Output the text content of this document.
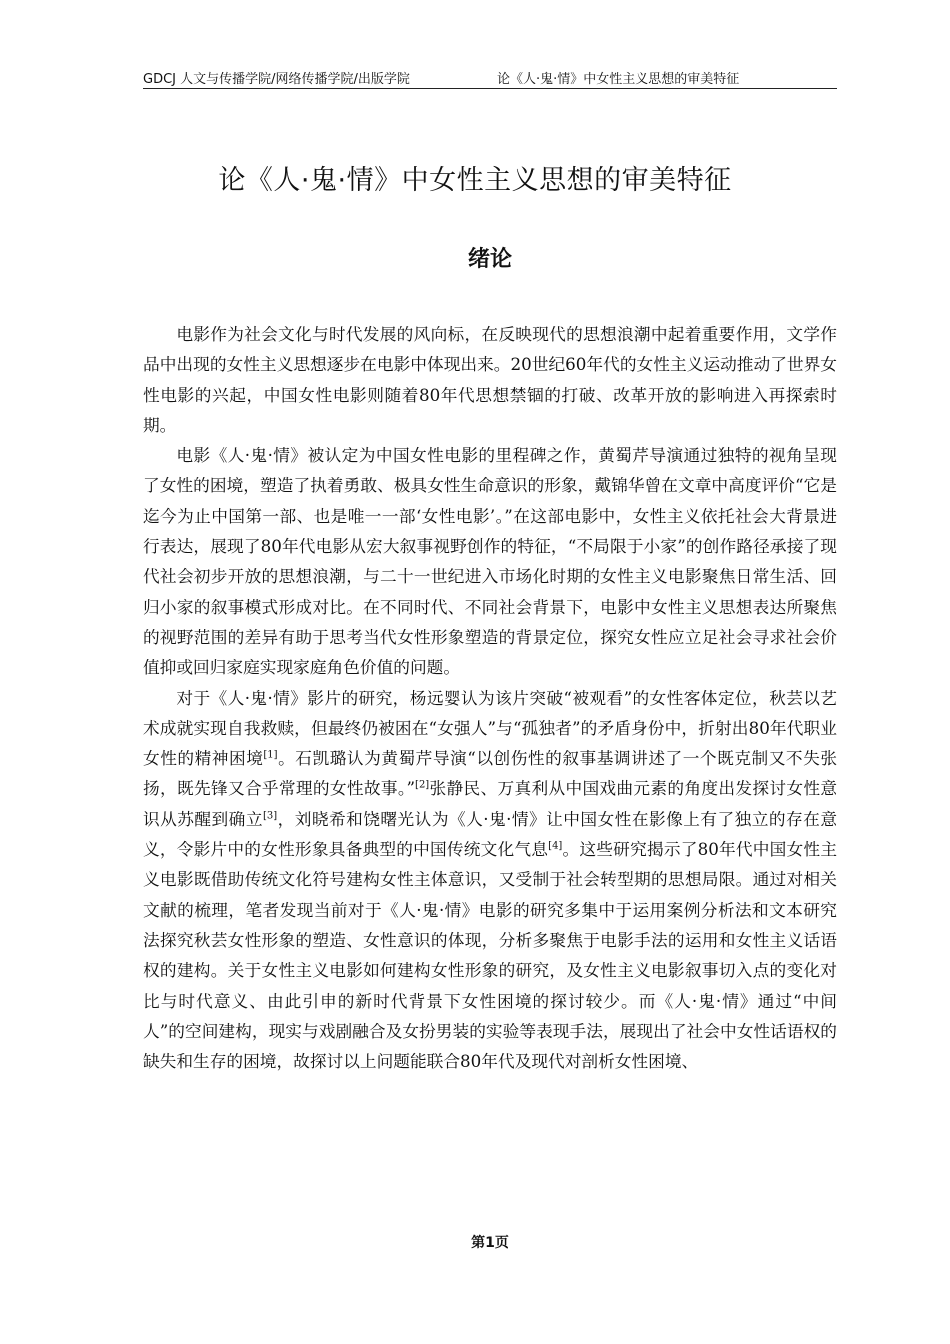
GDCJ 人文与传播学院/网络传播学院/出版学院	论《人·鬼·情》中女性主义思想的审美特征
论《人·鬼·情》中女性主义思想的审美特征
绪论

电影作为社会文化与时代发展的风向标，在反映现代的思想浪潮中起着重要作用，文学作品中出现的女性主义思想逐步在电影中体现出来。20世纪60年代的女性主义运动推动了世界女性电影的兴起，中国女性电影则随着80年代思想禁锢的打破、改革开放的影响进入再探索时期。

电影《人·鬼·情》被认定为中国女性电影的里程碑之作，黄蜀芹导演通过独特的视角呈现了女性的困境，塑造了执着勇敢、极具女性生命意识的形象，戴锦华曾在文章中高度评价“它是迄今为止中国第一部、也是唯一一部‘女性电影’。”在这部电影中，女性主义依托社会大背景进行表达，展现了80年代电影从宏大叙事视野创作的特征，“不局限于小家”的创作路径承接了现代社会初步开放的思想浪潮，与二十一世纪进入市场化时期的女性主义电影聚焦日常生活、回归小家的叙事模式形成对比。在不同时代、不同社会背景下，电影中女性主义思想表达所聚焦的视野范围的差异有助于思考当代女性形象塑造的背景定位，探究女性应立足社会寻求社会价值抑或回归家庭实现家庭角色价值的问题。

对于《人·鬼·情》影片的研究，杨远婴认为该片突破“被观看”的女性客体定位，秋芸以艺术成就实现自我救赎，但最终仍被困在“女强人”与“孤独者”的矛盾身份中，折射出80年代职业女性的精神困境[1]。石凯璐认为黄蜀芹导演“以创伤性的叙事基调讲述了一个既克制又不失张扬，既先锋又合乎常理的女性故事。”[2]张静民、万真利从中国戏曲元素的角度出发探讨女性意识从苏醒到确立[3]，刘晓希和饶曙光认为《人·鬼·情》让中国女性在影像上有了独立的存在意义，令影片中的女性形象具备典型的中国传统文化气息[4]。这些研究揭示了80年代中国女性主义电影既借助传统文化符号建构女性主体意识，又受制于社会转型期的思想局限。通过对相关文献的梳理，笔者发现当前对于《人·鬼·情》电影的研究多集中于运用案例分析法和文本研究法探究秋芸女性形象的塑造、女性意识的体现，分析多聚焦于电影手法的运用和女性主义话语权的建构。关于女性主义电影如何建构女性形象的研究，及女性主义电影叙事切入点的变化对比与时代意义、由此引申的新时代背景下女性困境的探讨较少。而《人·鬼·情》通过“中间人”的空间建构，现实与戏剧融合及女扮男装的实验等表现手法，展现出了社会中女性话语权的缺失和生存的困境，故探讨以上问题能联合80年代及现代对剖析女性困境、

第1页
